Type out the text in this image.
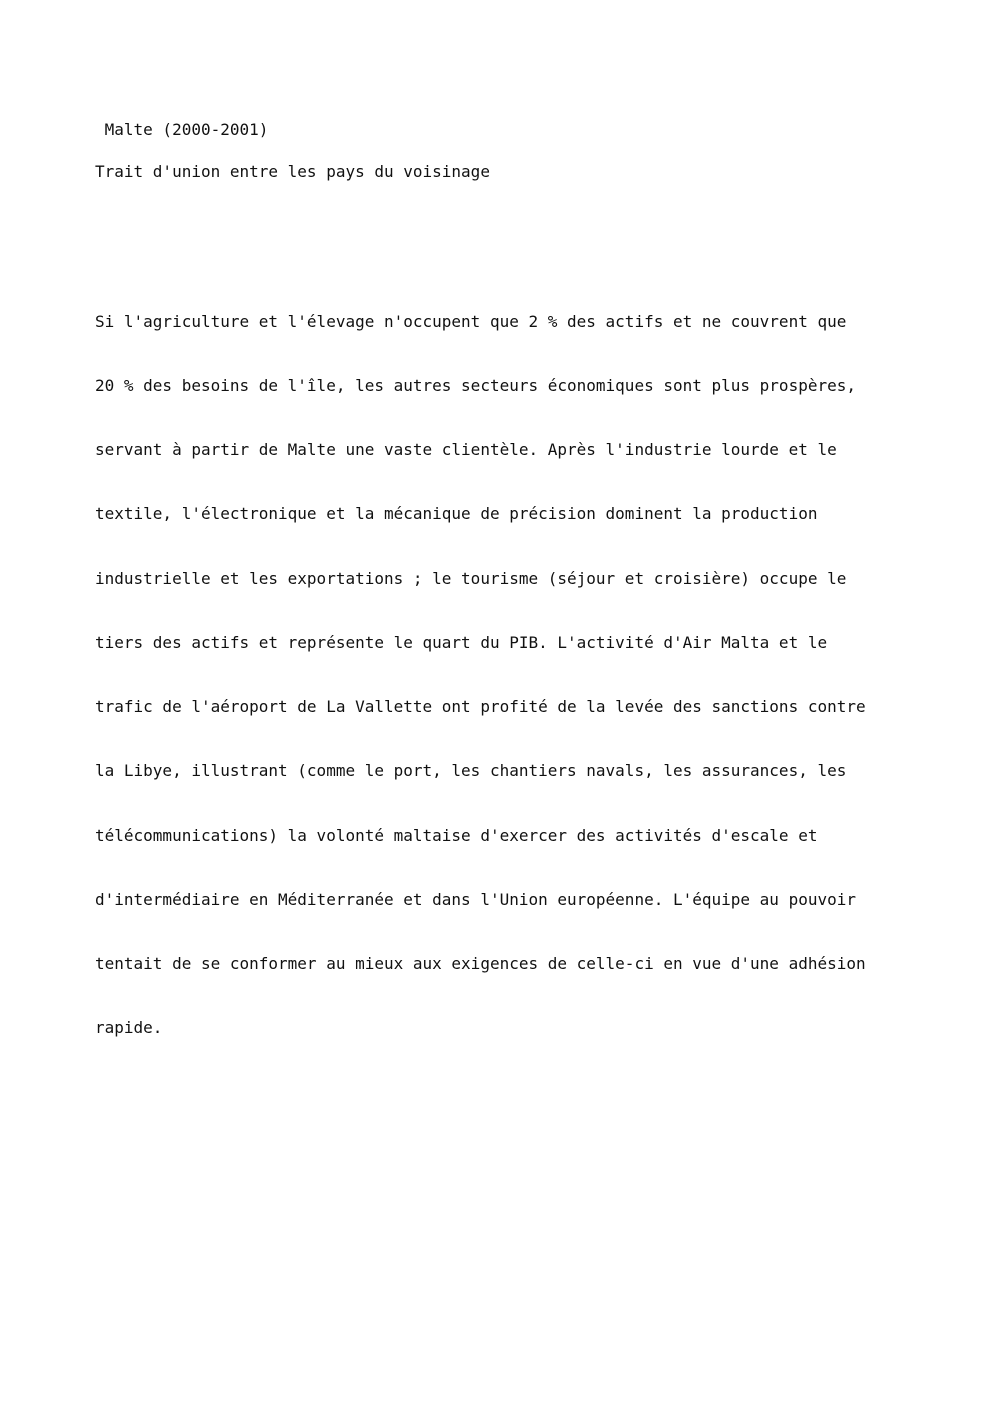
Malte (2000-2001)
Trait d'union entre les pays du voisinage

Si l'agriculture et l'élevage n'occupent que 2 % des actifs et ne couvrent que

20 % des besoins de l'île, les autres secteurs économiques sont plus prospères,

servant à partir de Malte une vaste clientèle. Après l'industrie lourde et le

textile, l'électronique et la mécanique de précision dominent la production

industrielle et les exportations ; le tourisme (séjour et croisière) occupe le

tiers des actifs et représente le quart du PIB. L'activité d'Air Malta et le

trafic de l'aéroport de La Vallette ont profité de la levée des sanctions contre

la Libye, illustrant (comme le port, les chantiers navals, les assurances, les

télécommunications) la volonté maltaise d'exercer des activités d'escale et

d'intermédiaire en Méditerranée et dans l'Union européenne. L'équipe au pouvoir

tentait de se conformer au mieux aux exigences de celle-ci en vue d'une adhésion

rapide.
